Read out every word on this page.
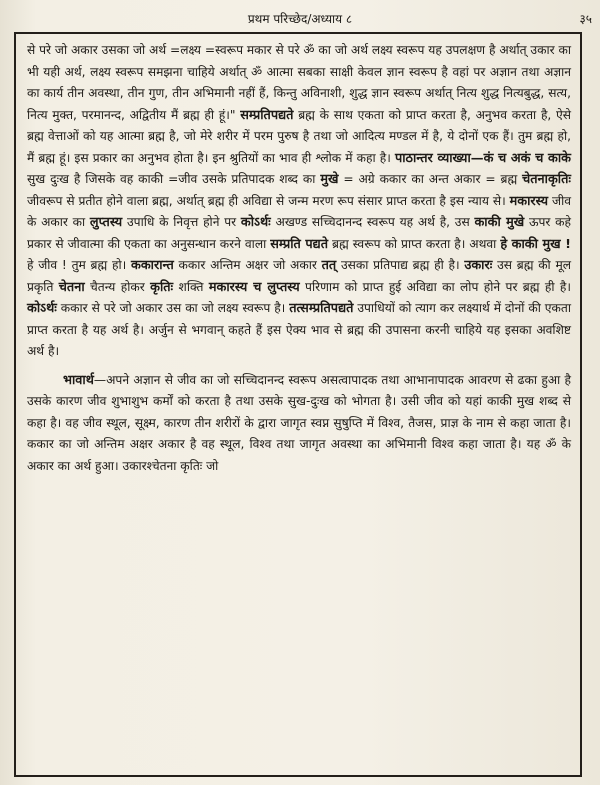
प्रथम परिच्छेद/अध्याय ८	३५

से परे जो अकार उसका जो अर्थ =लक्ष्य =स्वरूप मकार से परे ॐ का जो अर्थ लक्ष्य स्वरूप यह उपलक्षण है अर्थात् उकार का भी यही अर्थ, लक्ष्य स्वरूप समझना चाहिये अर्थात् ॐ आत्मा सबका साक्षी केवल ज्ञान स्वरूप है वहां पर अज्ञान तथा अज्ञान का कार्य तीन अवस्था, तीन गुण, तीन अभिमानी नहीं हैं, किन्तु अविनाशी, शुद्ध ज्ञान स्वरूप अर्थात् नित्य शुद्ध नित्यबुद्ध, सत्य, नित्य मुक्त, परमानन्द, अद्वितीय मैं ब्रह्म ही हूं।" सम्प्रतिपद्यते ब्रह्म के साथ एकता को प्राप्त करता है, अनुभव करता है, ऐसे ब्रह्म वेत्ताओं को यह आत्मा ब्रह्म है, जो मेरे शरीर में परम पुरुष है तथा जो आदित्य मण्डल में है, ये दोनों एक हैं। तुम ब्रह्म हो, मैं ब्रह्म हूं। इस प्रकार का अनुभव होता है। इन श्रुतियों का भाव ही श्लोक में कहा है। पाठान्तर व्याख्या—कं च अकं च काके सुख दुःख है जिसके वह काकी =जीव उसके प्रतिपादक शब्द का मुखे = अग्रे ककार का अन्त अकार = ब्रह्म चेतनाकृतिः जीवरूप से प्रतीत होने वाला ब्रह्म, अर्थात् ब्रह्म ही अविद्या से जन्म मरण रूप संसार प्राप्त करता है इस न्याय से। मकारस्य जीव के अकार का लुप्तस्य उपाधि के निवृत्त होने पर कोऽर्थः अखण्ड सच्चिदानन्द स्वरूप यह अर्थ है, उस काकी मुखे ऊपर कहे प्रकार से जीवात्मा की एकता का अनुसन्धान करने वाला सम्प्रति पद्यते ब्रह्म स्वरूप को प्राप्त करता है। अथवा हे काकी मुख ! हे जीव ! तुम ब्रह्म हो। ककारान्त ककार अन्तिम अक्षर जो अकार तत् उसका प्रतिपाद्य ब्रह्म ही है। उकारः उस ब्रह्म की मूल प्रकृति चेतना चैतन्य होकर कृतिः शक्ति मकारस्य च लुप्तस्य परिणाम को प्राप्त हुई अविद्या का लोप होने पर ब्रह्म ही है। कोऽर्थः ककार से परे जो अकार उस का जो लक्ष्य स्वरूप है। तत्सम्प्रतिपद्यते उपाधियों को त्याग कर लक्ष्यार्थ में दोनों की एकता प्राप्त करता है यह अर्थ है। अर्जुन से भगवान् कहते हैं इस ऐक्य भाव से ब्रह्म की उपासना करनी चाहिये यह इसका अवशिष्ट अर्थ है।

भावार्थ—अपने अज्ञान से जीव का जो सच्चिदानन्द स्वरूप असत्वापादक तथा आभानापादक आवरण से ढका हुआ है उसके कारण जीव शुभाशुभ कर्मों को करता है तथा उसके सुख-दुःख को भोगता है। उसी जीव को यहां काकी मुख शब्द से कहा है। वह जीव स्थूल, सूक्ष्म, कारण तीन शरीरों के द्वारा जागृत स्वप्न सुषुप्ति में विश्व, तैजस, प्राज्ञ के नाम से कहा जाता है। ककार का जो अन्तिम अक्षर अकार है वह स्थूल, विश्व तथा जागृत अवस्था का अभिमानी विश्व कहा जाता है। यह ॐ के अकार का अर्थ हुआ। उकारश्चेतना कृतिः जो
